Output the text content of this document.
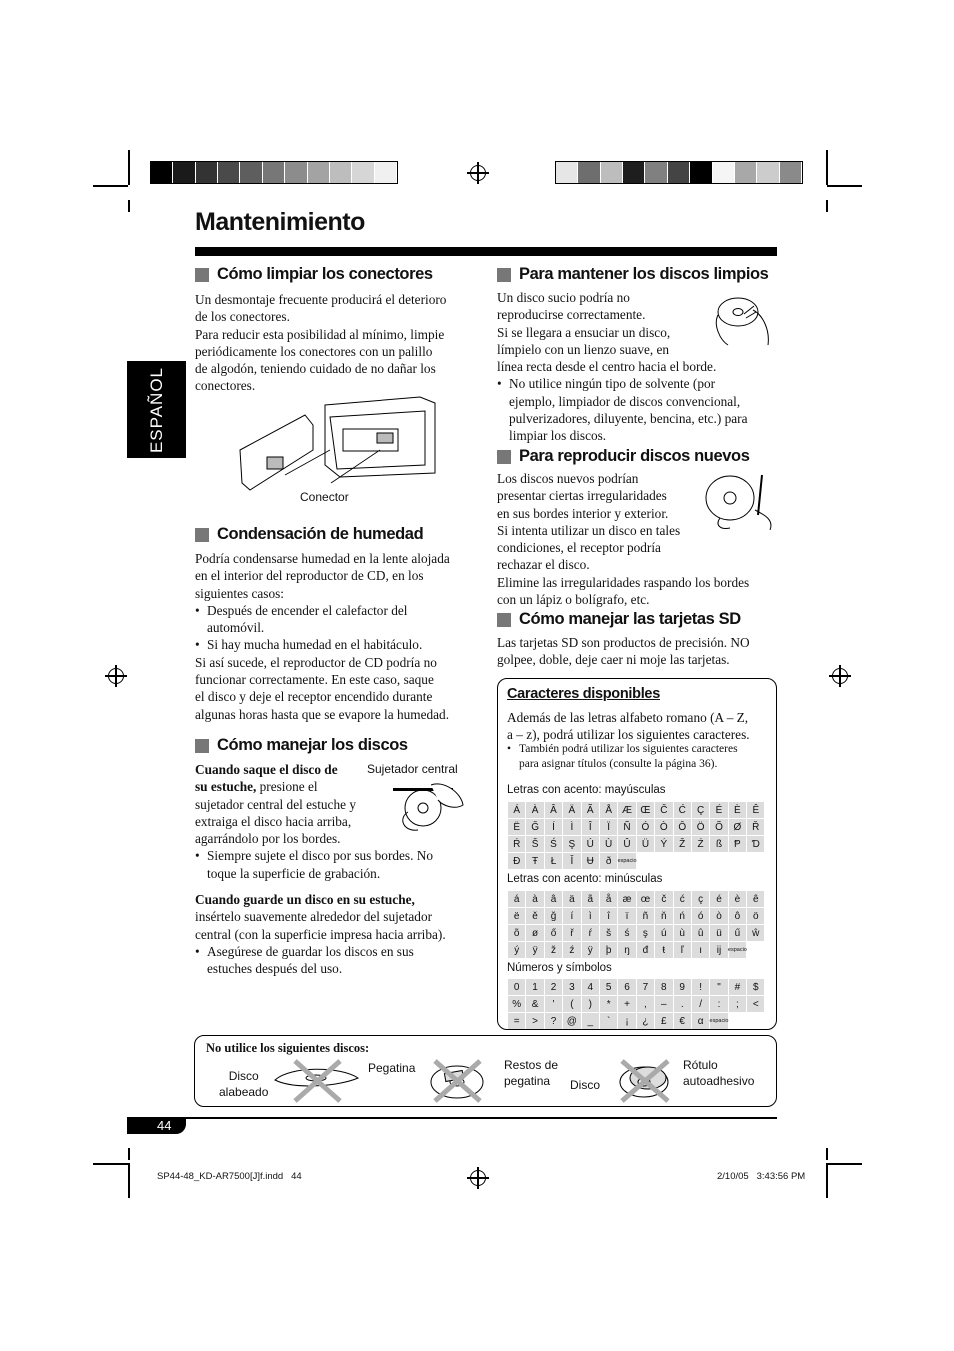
Mantenimiento
ESPAÑOL
Cómo limpiar los conectores
Un desmontaje frecuente producirá el deterioro
de los conectores.
Para reducir esta posibilidad al mínimo, limpie
periódicamente los conectores con un palillo
de algodón, teniendo cuidado de no dañar los
conectores.
Conector
Condensación de humedad
Podría condensarse humedad en la lente alojada
en el interior del reproductor de CD, en los
siguientes casos:
• Después de encender el calefactor del
automóvil.
• Si hay mucha humedad en el habitáculo.
Si así sucede, el reproductor de CD podría no
funcionar correctamente. En este caso, saque
el disco y deje el receptor encendido durante
algunas horas hasta que se evapore la humedad.
Cómo manejar los discos
Sujetador central
Cuando saque el disco de
su estuche, presione el
sujetador central del estuche y
extraiga el disco hacia arriba,
agarrándolo por los bordes.
• Siempre sujete el disco por sus bordes. No
toque la superficie de grabación.
Cuando guarde un disco en su estuche,
insértelo suavemente alrededor del sujetador
central (con la superficie impresa hacia arriba).
• Asegúrese de guardar los discos en sus
estuches después del uso.
Para mantener los discos limpios
Un disco sucio podría no
reproducirse correctamente.
Si se llegara a ensuciar un disco,
límpielo con un lienzo suave, en
línea recta desde el centro hacia el borde.
• No utilice ningún tipo de solvente (por
ejemplo, limpiador de discos convencional,
pulverizadores, diluyente, bencina, etc.) para
limpiar los discos.
Para reproducir discos nuevos
Los discos nuevos podrían
presentar ciertas irregularidades
en sus bordes interior y exterior.
Si intenta utilizar un disco en tales
condiciones, el receptor podría
rechazar el disco.
Elimine las irregularidades raspando los bordes
con un lápiz o bolígrafo, etc.
Cómo manejar las tarjetas SD
Las tarjetas SD son productos de precisión. NO
golpee, doble, deje caer ni moje las tarjetas.
Caracteres disponibles
Además de las letras alfabeto romano (A – Z,
a – z), podrá utilizar los siguientes caracteres.
• También podrá utilizar los siguientes caracteres
para asignar títulos (consulte la página 36).
Letras con acento: mayúsculas
Á	À	Â	Ä	Ã	Å	Æ Œ Č	Ć	Ç	É	È	Ê
Ë	Ğ	Í	Ì	Î	Ï	Ñ	Ó	Ò	Ô	Ö	Õ	Ø	Ř
Ŕ	Š	Ś	Ş	Ú	Ù	Û	Ü	Ý	Ž	Ź	ß	Ᵽ	Ɗ
Đ	Ŧ	Ł	Ǐ	Ʉ	ð	espacio
Letras con acento: minúsculas
á	à	â	ä	ã	å	æ œ	č	ć	ç	é	è	ê
ë	ě	ğ	í	ì	î	ï	ñ	ň	ń	ó	ò	ô	ö
õ	ø	ő	ř	ŕ	š	ś	ş	ú	ù	û	ü	ű	ŵ
ý	ÿ	ž	ź	ÿ	þ	ŋ	đ	ŧ	ľ	ı	ij	espacio
Números y símbolos
0	1	2	3	4	5	6	7	8	9	!	"	#	$
%	&	'	(	)	*	+	,	–	.	/	:	;	<
=	>	?	@	_	`	¡	¿	£	€	α	espacio
No utilice los siguientes discos:
Disco
alabeado
Pegatina	Restos de
pegatina	Disco
Rótulo
autoadhesivo
44
SP44-48_KD-AR7500[J]f.indd   44	2/10/05   3:43:56 PM
